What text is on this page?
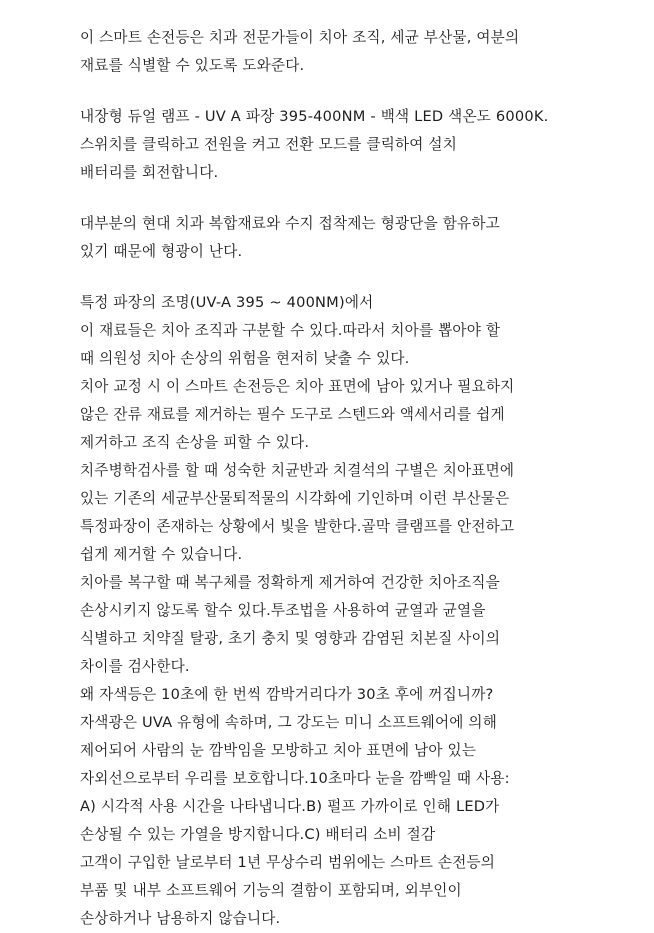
이 스마트 손전등은 치과 전문가들이 치아 조직, 세균 부산물, 여분의
재료를 식별할 수 있도록 도와준다.
내장형 듀얼 램프 - UV A 파장 395-400NM - 백색 LED 색온도 6000K.
스위치를 클릭하고 전원을 켜고 전환 모드를 클릭하여 설치
배터리를 회전합니다.
대부분의 현대 치과 복합재료와 수지 접착제는 형광단을 함유하고
있기 때문에 형광이 난다.
특정 파장의 조명(UV-A 395 ~ 400NM)에서
이 재료들은 치아 조직과 구분할 수 있다.따라서 치아를 뽑아야 할
때 의원성 치아 손상의 위험을 현저히 낮출 수 있다.
치아 교정 시 이 스마트 손전등은 치아 표면에 남아 있거나 필요하지
않은 잔류 재료를 제거하는 필수 도구로 스텐드와 액세서리를 쉽게
제거하고 조직 손상을 피할 수 있다.
치주병학검사를 할 때 성숙한 치균반과 치결석의 구별은 치아표면에
있는 기존의 세균부산물퇴적물의 시각화에 기인하며 이런 부산물은
특정파장이 존재하는 상황에서 빛을 발한다.골막 클램프를 안전하고
쉽게 제거할 수 있습니다.
치아를 복구할 때 복구체를 정확하게 제거하여 건강한 치아조직을
손상시키지 않도록 할수 있다.투조법을 사용하여 균열과 균열을
식별하고 치약질 탈광, 초기 충치 및 영향과 감염된 치본질 사이의
차이를 검사한다.
왜 자색등은 10초에 한 번씩 깜박거리다가 30초 후에 꺼집니까?
자색광은 UVA 유형에 속하며, 그 강도는 미니 소프트웨어에 의해
제어되어 사람의 눈 깜박임을 모방하고 치아 표면에 남아 있는
자외선으로부터 우리를 보호합니다.10초마다 눈을 깜빡일 때 사용:
A) 시각적 사용 시간을 나타냅니다.B) 펄프 가까이로 인해 LED가
손상될 수 있는 가열을 방지합니다.C) 배터리 소비 절감
고객이 구입한 날로부터 1년 무상수리 범위에는 스마트 손전등의
부품 및 내부 소프트웨어 기능의 결함이 포함되며, 외부인이
손상하거나 남용하지 않습니다.
